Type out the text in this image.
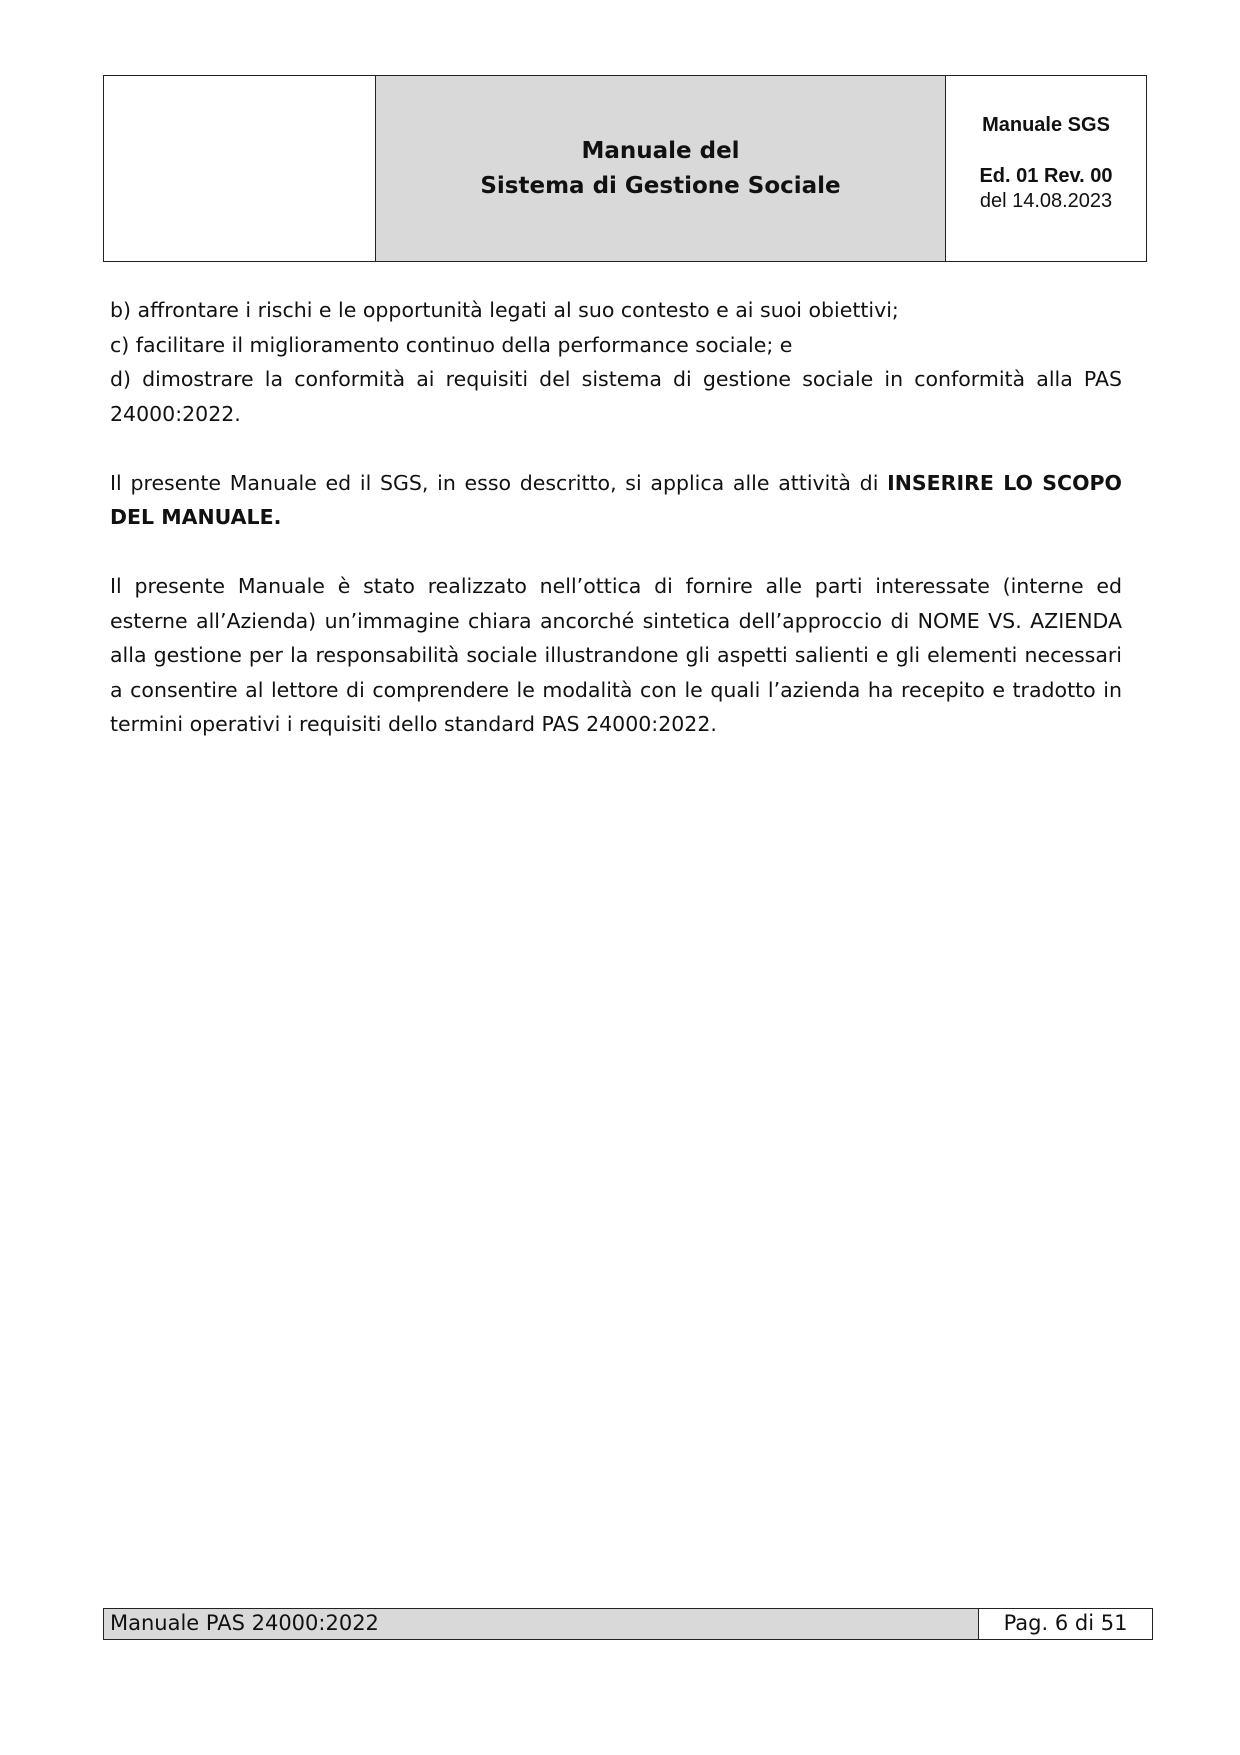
Manuale del
Sistema di Gestione Sociale
Manuale SGS
Ed. 01 Rev. 00
del 14.08.2023

b) affrontare i rischi e le opportunità legati al suo contesto e ai suoi obiettivi;

c) facilitare il miglioramento continuo della performance sociale; e

d) dimostrare la conformità ai requisiti del sistema di gestione sociale in conformità alla PAS 24000:2022.

Il presente Manuale ed il SGS, in esso descritto, si applica alle attività di INSERIRE LO SCOPO DEL MANUALE.

Il presente Manuale è stato realizzato nell’ottica di fornire alle parti interessate (interne ed esterne all’Azienda) un’immagine chiara ancorché sintetica dell’approccio di NOME VS. AZIENDA alla gestione per la responsabilità sociale illustrandone gli aspetti salienti e gli elementi necessari a consentire al lettore di comprendere le modalità con le quali l’azienda ha recepito e tradotto in termini operativi i requisiti dello standard PAS 24000:2022.

Manuale PAS 24000:2022	Pag. 6 di 51
